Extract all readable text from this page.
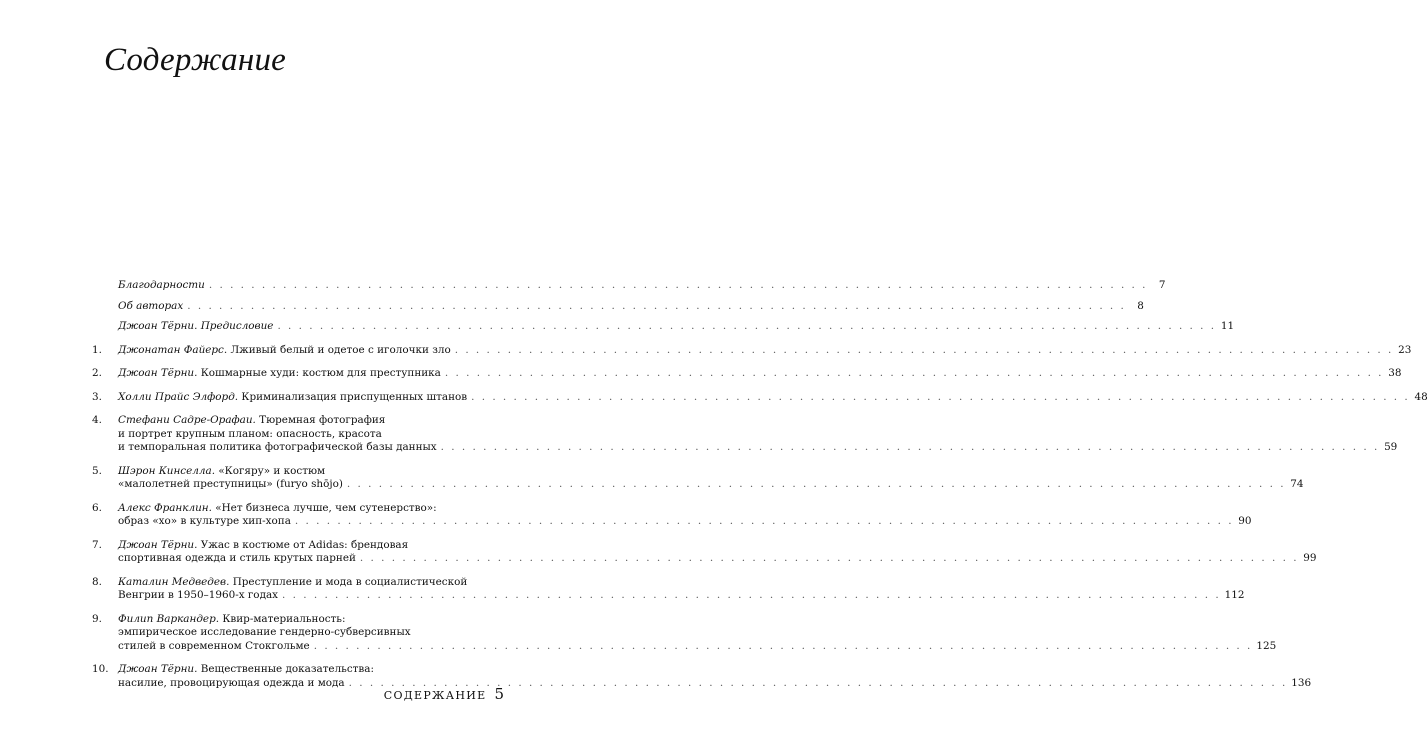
Содержание
Благодарности . . .	7
Об авторах . . .	8
Джоан Тёрни. Предисловие . . .	11
1.	Джонатан Файерс. Лживый белый и одетое с иголочки зло . . .	23
2.	Джоан Тёрни. Кошмарные худи: костюм для преступника . . .	38
3.	Холли Прайс Элфорд. Криминализация приспущенных штанов . . .	48
4.	Стефани Садре-Орафаи. Тюремная фотография
и портрет крупным планом: опасность, красота
и темпоральная политика фотографической базы данных . . .	59
5.	Шэрон Кинселла. «Когяру» и костюм
«малолетней преступницы» (furyo shōjo) . . .	74
6.	Алекс Франклин. «Нет бизнеса лучше, чем сутенерство»:
образ «хо» в культуре хип-хопа . . .	90
7.	Джоан Тёрни. Ужас в костюме от Adidas: брендовая
спортивная одежда и стиль крутых парней . . .	99
8.	Каталин Медведев. Преступление и мода в социалистической
Венгрии в 1950–1960-х годах . . .	112
9.	Филип Варкандер. Квир-материальность:
эмпирическое исследование гендерно-субверсивных
стилей в современном Стокгольме . . .	125
10. Джоан Тёрни. Вещественные доказательства:
насилие, провоцирующая одежда и мода . . .	136
СОДЕРЖАНИЕ 5
